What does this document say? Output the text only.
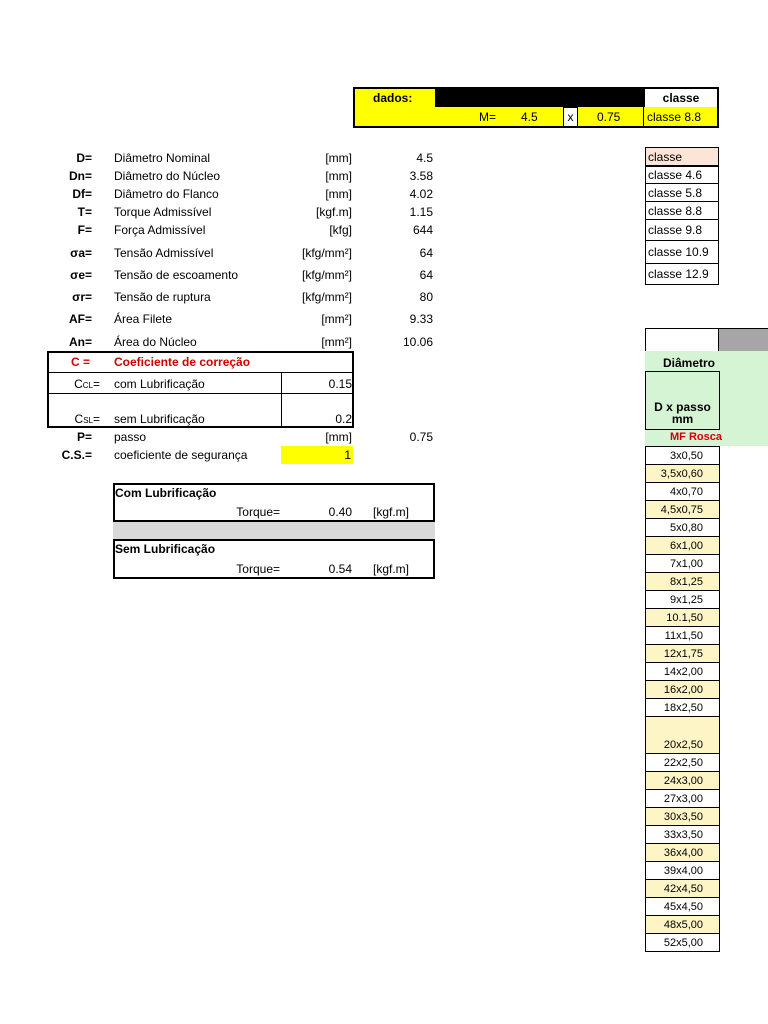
dados:	classe
M= 4.5 x 0.75 classe 8.8
D= Diâmetro Nominal	[mm]	4.5
Dn= Diâmetro do Núcleo	[mm]	3.58
Df= Diâmetro do Flanco	[mm]	4.02
T= Torque Admissível	[kgf.m]	1.15
F= Força Admissível	[kfg]	644
σa= Tensão Admissível	[kfg/mm²]	64
σe= Tensão de escoamento	[kfg/mm²]	64
σr= Tensão de ruptura	[kfg/mm²]	80
AF= Área Filete	[mm²]	9.33
An= Área do Núcleo	[mm²]	10.06
C = Coeficiente de correção
CCL= com Lubrificação	0.15
CSL= sem Lubrificação	0.2
P= passo	[mm]	0.75
C.S.= coeficiente de segurança	1
Com Lubrificação
Torque=	0.40 [kgf.m]
Sem Lubrificação
Torque=	0.54 [kgf.m]
classe
classe 4.6
classe 5.8
classe 8.8
classe 9.8
classe 10.9
classe 12.9
Diâmetro
D x passo
mm
MF Rosca
3x0,50
3,5x0,60
4x0,70
4,5x0,75
5x0,80
6x1,00
7x1,00
8x1,25
9x1,25
10.1,50
11x1,50
12x1,75
14x2,00
16x2,00
18x2,50
20x2,50
22x2,50
24x3,00
27x3,00
30x3,50
33x3,50
36x4,00
39x4,00
42x4,50
45x4,50
48x5,00
52x5,00
